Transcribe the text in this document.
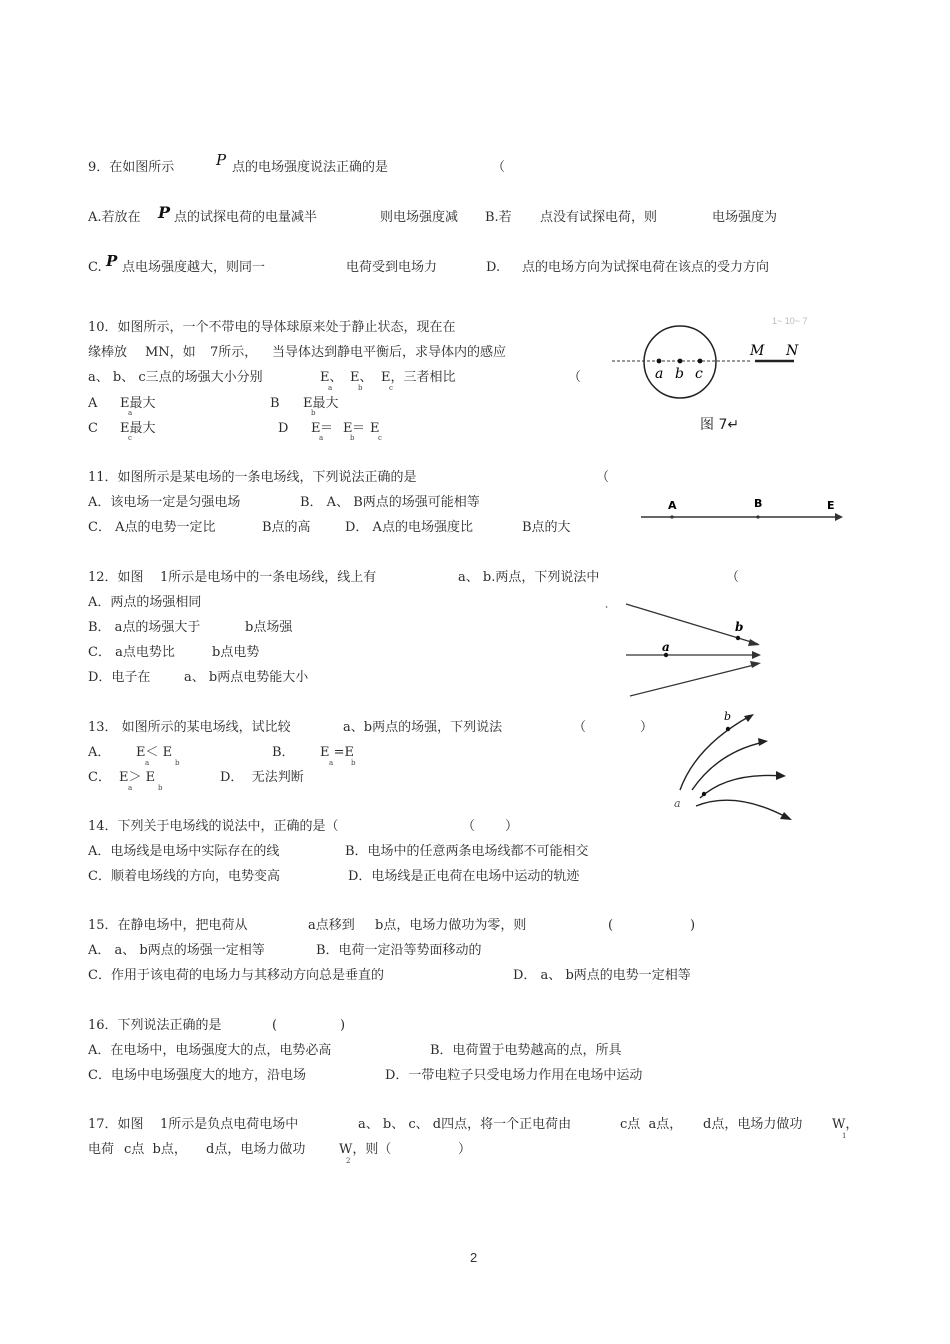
9．在如图所示	P 点的电场强度说法正确的是	（
A.若放在 P 点的试探电荷的电量减半	则电场强度减 B.若 点没有试探电荷，则	电场强度为
C. P 点电场强度越大，则同一	电荷受到电场力	D. 点的电场方向为试探电荷在该点的受力方向
10．如图所示，一个不带电的导体球原来处于静止状态，现在在
缘棒放 MN，如 7所示， 当导体达到静电平衡后，求导体内的感应
a、 b、 c三点的场强大小分别	E、
a
E、
b
E，三者相比
c
（
A E最大
a
B E最大
b
C E最大
c
D E
a
＝ E
b
＝ E
c
1~ 10~ 7
a b c
M N
图 7↵
11．如图所示是某电场的一条电场线，下列说法正确的是	（
A．该电场一定是匀强电场	B． A、 B两点的场强可能相等
C． A点的电势一定比	B点的高	D． A点的电场强度比	B点的大
A	B	E
12．如图 1所示是电场中的一条电场线，线上有	a、 b.两点，下列说法中	（
A．两点的场强相同
B． a点的场强大于	b点场强
C． a点电势比	b点电势
D．电子在	a、 b两点电势能大小
b
a
13． 如图所示的某电场线，试比较	a、b两点的场强，下列说法	（	）
A． E＜ E
a	b
B． E =E
a	b
C． E＞ E
a	b
D．  无法判断
b
a
14．下列关于电场线的说法中，正确的是（	（ ）
A．电场线是电场中实际存在的线	B．电场中的任意两条电场线都不可能相交
C．顺着电场线的方向，电势变高	D．电场线是正电荷在电场中运动的轨迹
15．在静电场中，把电荷从	a点移到 b点，电场力做功为零，则	(	)
A． a、 b两点的场强一定相等	B．电荷一定沿等势面移动的
C．作用于该电荷的电场力与其移动方向总是垂直的	D． a、 b两点的电势一定相等
16．下列说法正确的是	(	)
A．在电场中，电场强度大的点，电势必高	B．电荷置于电势越高的点，所具
C．电场中电场强度大的地方，沿电场	D．一带电粒子只受电场力作用在电场中运动
17．如图 1所示是负点电荷电场中	a、 b、 c、 d四点，将一个正电荷由	c点  a点， d点，电场力做功 W，
1
电荷 c点  b点， d点，电场力做功	W，则（
2
）
2
